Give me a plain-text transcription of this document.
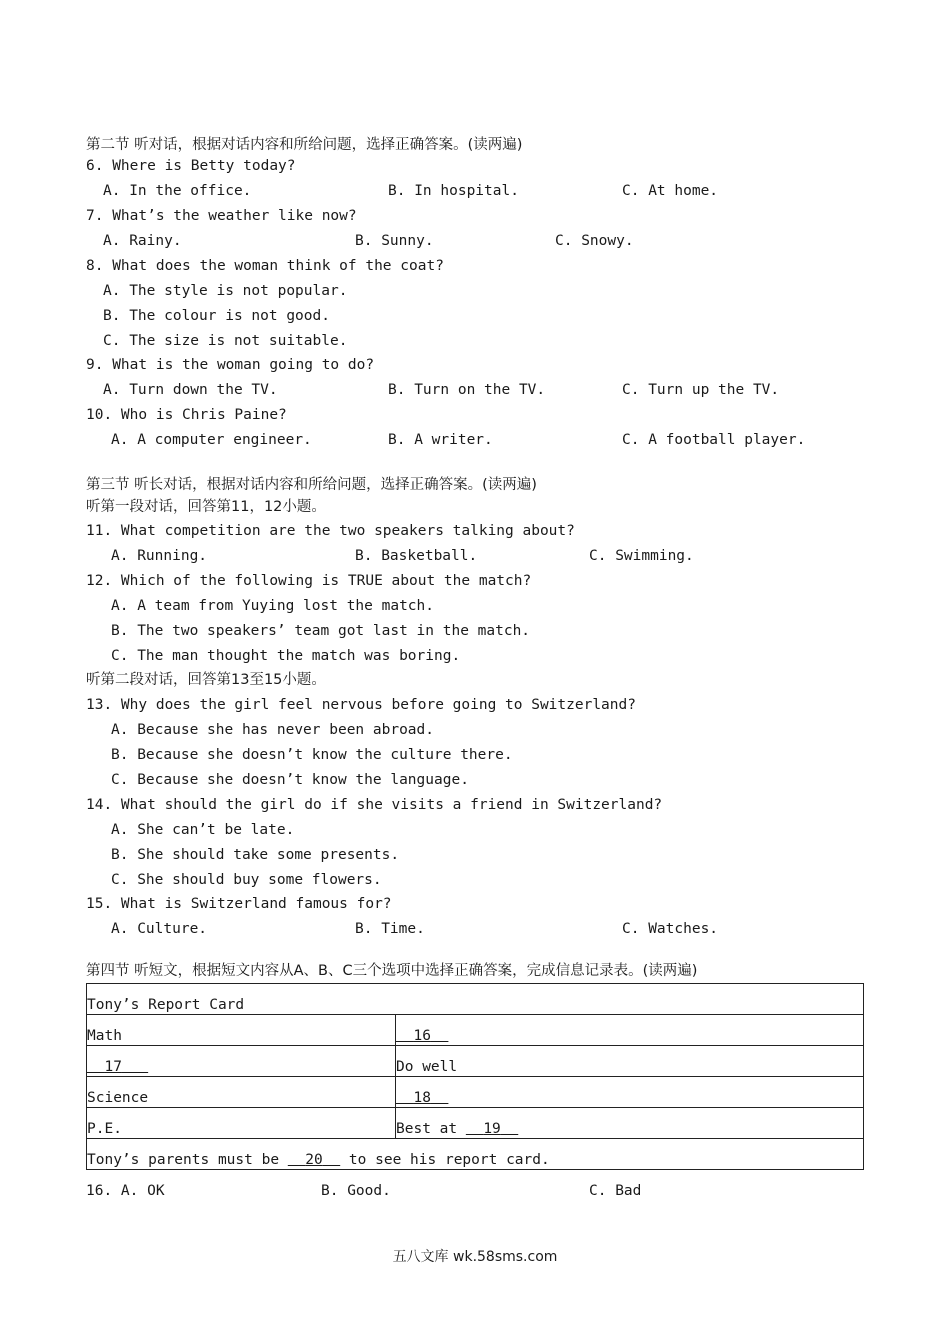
第二节 听对话，根据对话内容和所给问题，选择正确答案。(读两遍)
6. Where is Betty today?
A. In the office.	B. In hospital.	C. At home.
7. What’s the weather like now?
A. Rainy.	B. Sunny.	C. Snowy.
8. What does the woman think of the coat?
A. The style is not popular.
B. The colour is not good.
C. The size is not suitable.
9. What is the woman going to do?
A. Turn down the TV.	B. Turn on the TV.	C. Turn up the TV.
10. Who is Chris Paine?
A. A computer engineer.	B. A writer.	C. A football player.
第三节 听长对话，根据对话内容和所给问题，选择正确答案。(读两遍)
听第一段对话，回答第11，12小题。
11. What competition are the two speakers talking about?
A. Running.	B. Basketball.	C. Swimming.
12. Which of the following is TRUE about the match?
A. A team from Yuying lost the match.
B. The two speakers’ team got last in the match.
C. The man thought the match was boring.
听第二段对话，回答第13至15小题。
13. Why does the girl feel nervous before going to Switzerland?
A. Because she has never been abroad.
B. Because she doesn’t know the culture there.
C. Because she doesn’t know the language.
14. What should the girl do if she visits a friend in Switzerland?
A. She can’t be late.
B. She should take some presents.
C. She should buy some flowers.
15. What is Switzerland famous for?
A. Culture.	B. Time.	C. Watches.
第四节 听短文，根据短文内容从A、B、C三个选项中选择正确答案，完成信息记录表。(读两遍)
Tony’s Report Card	
Math	16
17	Do well
Science	18
P.E.	Best at   19
Tony’s parents must be   20   to see his report card.	
16. A. OK	B. Good.	C. Bad
五八文库 wk.58sms.com
